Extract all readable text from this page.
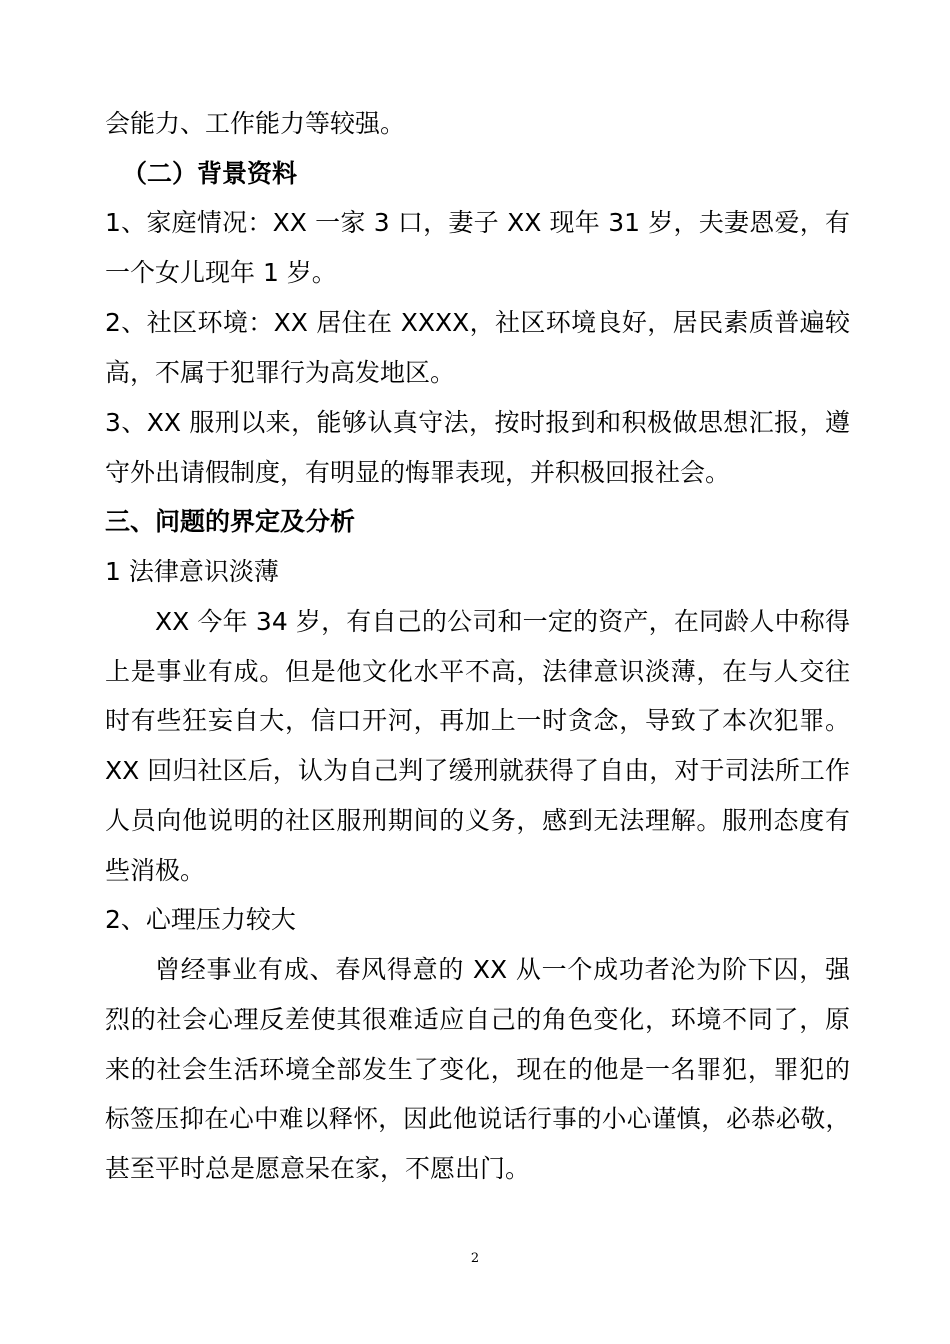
会能力、工作能力等较强。
（二）背景资料
1、家庭情况：XX 一家 3 口，妻子 XX 现年 31 岁，夫妻恩爱，有
一个女儿现年 1 岁。
2、社区环境：XX 居住在 XXXX，社区环境良好，居民素质普遍较
高，不属于犯罪行为高发地区。
3、XX 服刑以来，能够认真守法，按时报到和积极做思想汇报，遵
守外出请假制度，有明显的悔罪表现，并积极回报社会。
三、问题的界定及分析
1 法律意识淡薄
XX 今年 34 岁，有自己的公司和一定的资产，在同龄人中称得
上是事业有成。但是他文化水平不高，法律意识淡薄，在与人交往
时有些狂妄自大，信口开河，再加上一时贪念，导致了本次犯罪。
XX 回归社区后，认为自己判了缓刑就获得了自由，对于司法所工作
人员向他说明的社区服刑期间的义务，感到无法理解。服刑态度有
些消极。
2、心理压力较大
曾经事业有成、春风得意的 XX 从一个成功者沦为阶下囚，强
烈的社会心理反差使其很难适应自己的角色变化，环境不同了，原
来的社会生活环境全部发生了变化，现在的他是一名罪犯，罪犯的
标签压抑在心中难以释怀，因此他说话行事的小心谨慎，必恭必敬，
甚至平时总是愿意呆在家，不愿出门。
2
